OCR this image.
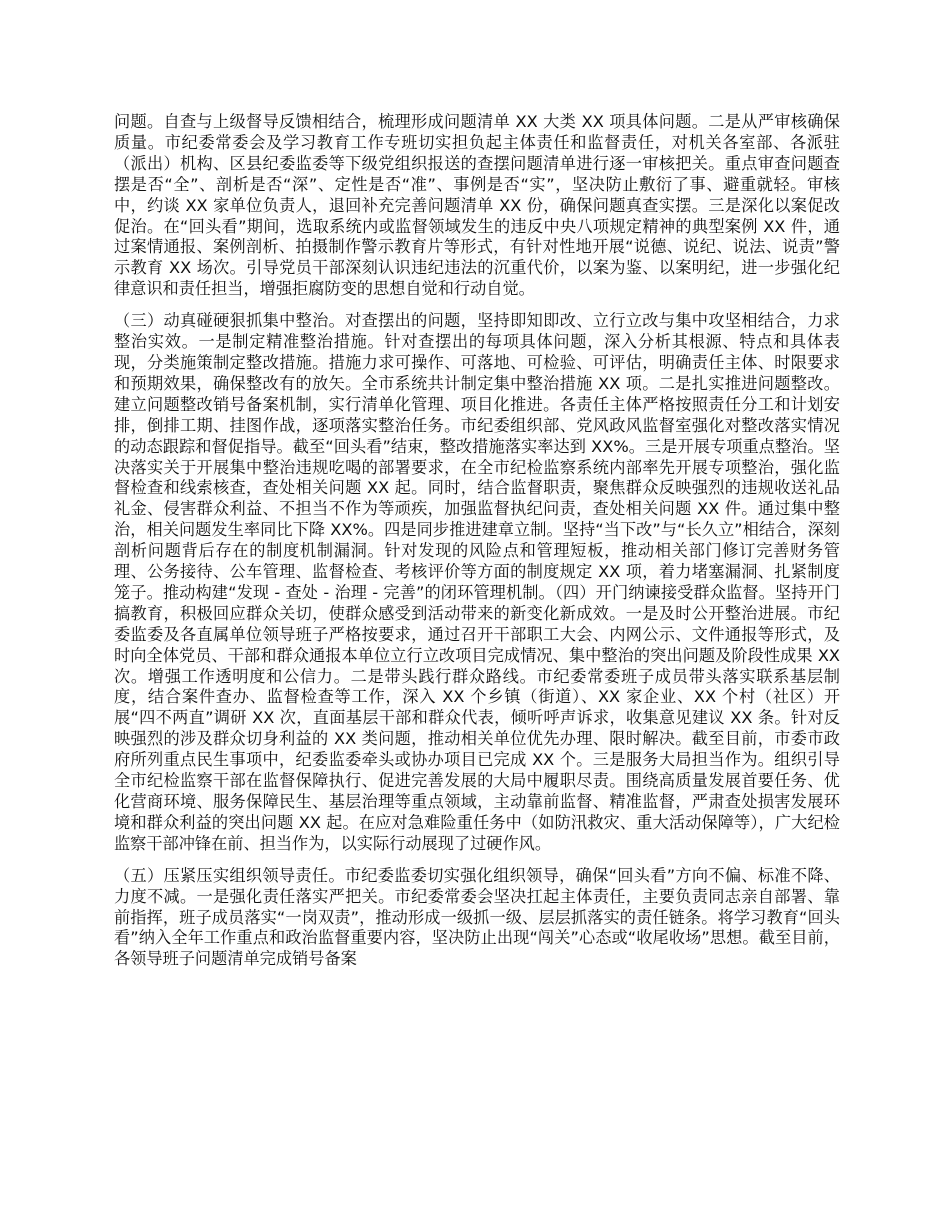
问题。自查与上级督导反馈相结合，梳理形成问题清单 XX 大类 XX 项具体问题。二是从严审核确保质量。市纪委常委会及学习教育工作专班切实担负起主体责任和监督责任，对机关各室部、各派驻（派出）机构、区县纪委监委等下级党组织报送的查摆问题清单进行逐一审核把关。重点审查问题查摆是否“全”、剖析是否“深”、定性是否“准”、事例是否“实”，坚决防止敷衍了事、避重就轻。审核中，约谈 XX 家单位负责人，退回补充完善问题清单 XX 份，确保问题真查实摆。三是深化以案促改促治。在“回头看”期间，选取系统内或监督领域发生的违反中央八项规定精神的典型案例 XX 件，通过案情通报、案例剖析、拍摄制作警示教育片等形式，有针对性地开展“说德、说纪、说法、说责”警示教育 XX 场次。引导党员干部深刻认识违纪违法的沉重代价，以案为鉴、以案明纪，进一步强化纪律意识和责任担当，增强拒腐防变的思想自觉和行动自觉。

（三）动真碰硬狠抓集中整治。对查摆出的问题，坚持即知即改、立行立改与集中攻坚相结合，力求整治实效。一是制定精准整治措施。针对查摆出的每项具体问题，深入分析其根源、特点和具体表现，分类施策制定整改措施。措施力求可操作、可落地、可检验、可评估，明确责任主体、时限要求和预期效果，确保整改有的放矢。全市系统共计制定集中整治措施 XX 项。二是扎实推进问题整改。建立问题整改销号备案机制，实行清单化管理、项目化推进。各责任主体严格按照责任分工和计划安排，倒排工期、挂图作战，逐项落实整治任务。市纪委组织部、党风政风监督室强化对整改落实情况的动态跟踪和督促指导。截至“回头看”结束，整改措施落实率达到 XX%。三是开展专项重点整治。坚决落实关于开展集中整治违规吃喝的部署要求，在全市纪检监察系统内部率先开展专项整治，强化监督检查和线索核查，查处相关问题 XX 起。同时，结合监督职责，聚焦群众反映强烈的违规收送礼品礼金、侵害群众利益、不担当不作为等顽疾，加强监督执纪问责，查处相关问题 XX 件。通过集中整治，相关问题发生率同比下降 XX%。四是同步推进建章立制。坚持“当下改”与“长久立”相结合，深刻剖析问题背后存在的制度机制漏洞。针对发现的风险点和管理短板，推动相关部门修订完善财务管理、公务接待、公车管理、监督检查、考核评价等方面的制度规定 XX 项，着力堵塞漏洞、扎紧制度笼子。推动构建“发现 - 查处 - 治理 - 完善”的闭环管理机制。（四）开门纳谏接受群众监督。坚持开门搞教育，积极回应群众关切，使群众感受到活动带来的新变化新成效。一是及时公开整治进展。市纪委监委及各直属单位领导班子严格按要求，通过召开干部职工大会、内网公示、文件通报等形式，及时向全体党员、干部和群众通报本单位立行立改项目完成情况、集中整治的突出问题及阶段性成果 XX 次。增强工作透明度和公信力。二是带头践行群众路线。市纪委常委班子成员带头落实联系基层制度，结合案件查办、监督检查等工作，深入 XX 个乡镇（街道）、XX 家企业、XX 个村（社区）开展“四不两直”调研 XX 次，直面基层干部和群众代表，倾听呼声诉求，收集意见建议 XX 条。针对反映强烈的涉及群众切身利益的 XX 类问题，推动相关单位优先办理、限时解决。截至目前，市委市政府所列重点民生事项中，纪委监委牵头或协办项目已完成 XX 个。三是服务大局担当作为。组织引导全市纪检监察干部在监督保障执行、促进完善发展的大局中履职尽责。围绕高质量发展首要任务、优化营商环境、服务保障民生、基层治理等重点领域，主动靠前监督、精准监督，严肃查处损害发展环境和群众利益的突出问题 XX 起。在应对急难险重任务中（如防汛救灾、重大活动保障等），广大纪检监察干部冲锋在前、担当作为，以实际行动展现了过硬作风。

（五）压紧压实组织领导责任。市纪委监委切实强化组织领导，确保“回头看”方向不偏、标准不降、力度不减。一是强化责任落实严把关。市纪委常委会坚决扛起主体责任，主要负责同志亲自部署、靠前指挥，班子成员落实“一岗双责”，推动形成一级抓一级、层层抓落实的责任链条。将学习教育“回头看”纳入全年工作重点和政治监督重要内容，坚决防止出现“闯关”心态或“收尾收场”思想。截至目前，各领导班子问题清单完成销号备案
